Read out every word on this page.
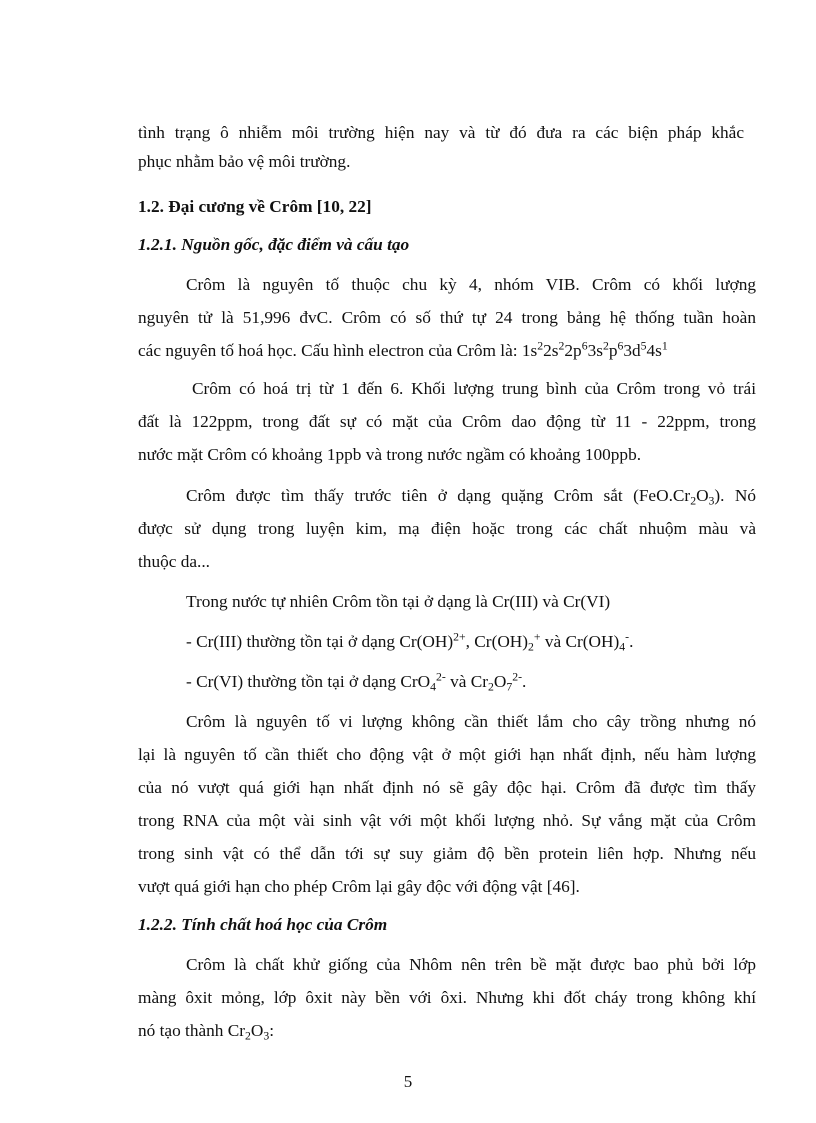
tình trạng ô nhiễm môi trường hiện nay và từ đó đưa ra các biện pháp khắc
phục nhằm bảo vệ môi trường.
1.2. Đại cương về Crôm [10, 22]
1.2.1. Nguồn gốc, đặc điểm và cấu tạo
Crôm là nguyên tố thuộc chu kỳ 4, nhóm VIB. Crôm có khối lượng
nguyên tử là 51,996 đvC. Crôm có số thứ tự 24 trong bảng hệ thống tuần hoàn
các nguyên tố hoá học. Cấu hình electron của Crôm là: $1s^22s^22p^63s^2p^63d^54s^1$
Crôm có hoá trị từ 1 đến 6. Khối lượng trung bình của Crôm trong vỏ trái
đất là 122ppm, trong đất sự có mặt của Crôm dao động từ 11 - 22ppm, trong
nước mặt Crôm có khoảng 1ppb và trong nước ngầm có khoảng 100ppb.
Crôm được tìm thấy trước tiên ở dạng quặng Crôm sắt $(FeO.Cr_2O_3)$. Nó
được sử dụng trong luyện kim, mạ điện hoặc trong các chất nhuộm màu và
thuộc da...
Trong nước tự nhiên Crôm tồn tại ở dạng là Cr(III) và Cr(VI)
- Cr(III) thường tồn tại ở dạng Cr(OH)$^{2+}$, $Cr(OH)_2^+$ và $Cr(OH)_4^-$.
- Cr(VI) thường tồn tại ở dạng CrO$_4^{2-}$ và $Cr_2O_7^{2-}$.
Crôm là nguyên tố vi lượng không cần thiết lắm cho cây trồng nhưng nó
lại là nguyên tố cần thiết cho động vật ở một giới hạn nhất định, nếu hàm lượng
của nó vượt quá giới hạn nhất định nó sẽ gây độc hại. Crôm đã được tìm thấy
trong RNA của một vài sinh vật với một khối lượng nhỏ. Sự vắng mặt của Crôm
trong sinh vật có thể dẫn tới sự suy giảm độ bền protein liên hợp. Nhưng nếu
vượt quá giới hạn cho phép Crôm lại gây độc với động vật [46].
1.2.2. Tính chất hoá học của Crôm
Crôm là chất khử giống của Nhôm nên trên bề mặt được bao phủ bởi lớp
màng ôxit mỏng, lớp ôxit này bền với ôxi. Nhưng khi đốt cháy trong không khí
nó tạo thành $Cr_2O_3$:
5
